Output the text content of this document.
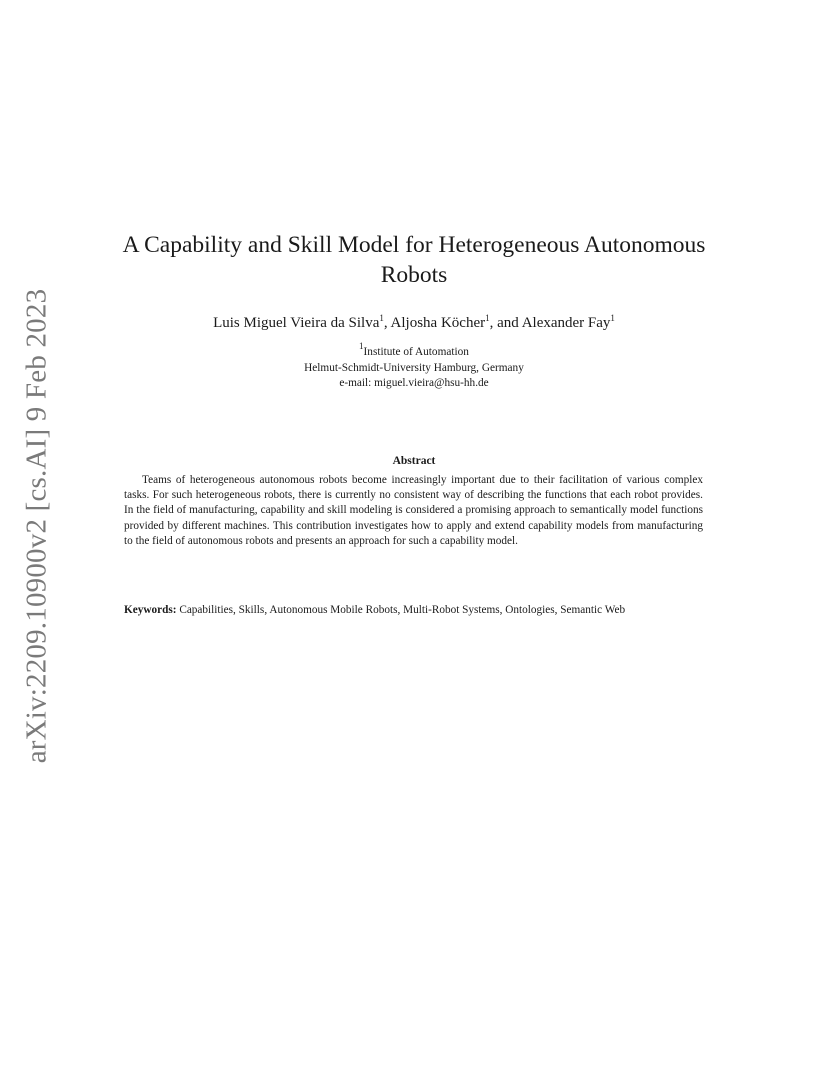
arXiv:2209.10900v2 [cs.AI] 9 Feb 2023
A Capability and Skill Model for Heterogeneous Autonomous Robots
Luis Miguel Vieira da Silva$^1$, Aljosha Köcher$^1$, and Alexander Fay$^1$
$^1$Institute of Automation
Helmut-Schmidt-University Hamburg, Germany
e-mail: miguel.vieira@hsu-hh.de
Abstract

Teams of heterogeneous autonomous robots become increasingly important due to their facilitation of various complex tasks. For such heterogeneous robots, there is currently no consistent way of describing the functions that each robot provides. In the field of manufacturing, capability and skill modeling is considered a promising approach to semantically model functions provided by different machines. This contribution investigates how to apply and extend capability models from manufacturing to the field of autonomous robots and presents an approach for such a capability model.

Keywords: Capabilities, Skills, Autonomous Mobile Robots, Multi-Robot Systems, Ontologies, Semantic Web
